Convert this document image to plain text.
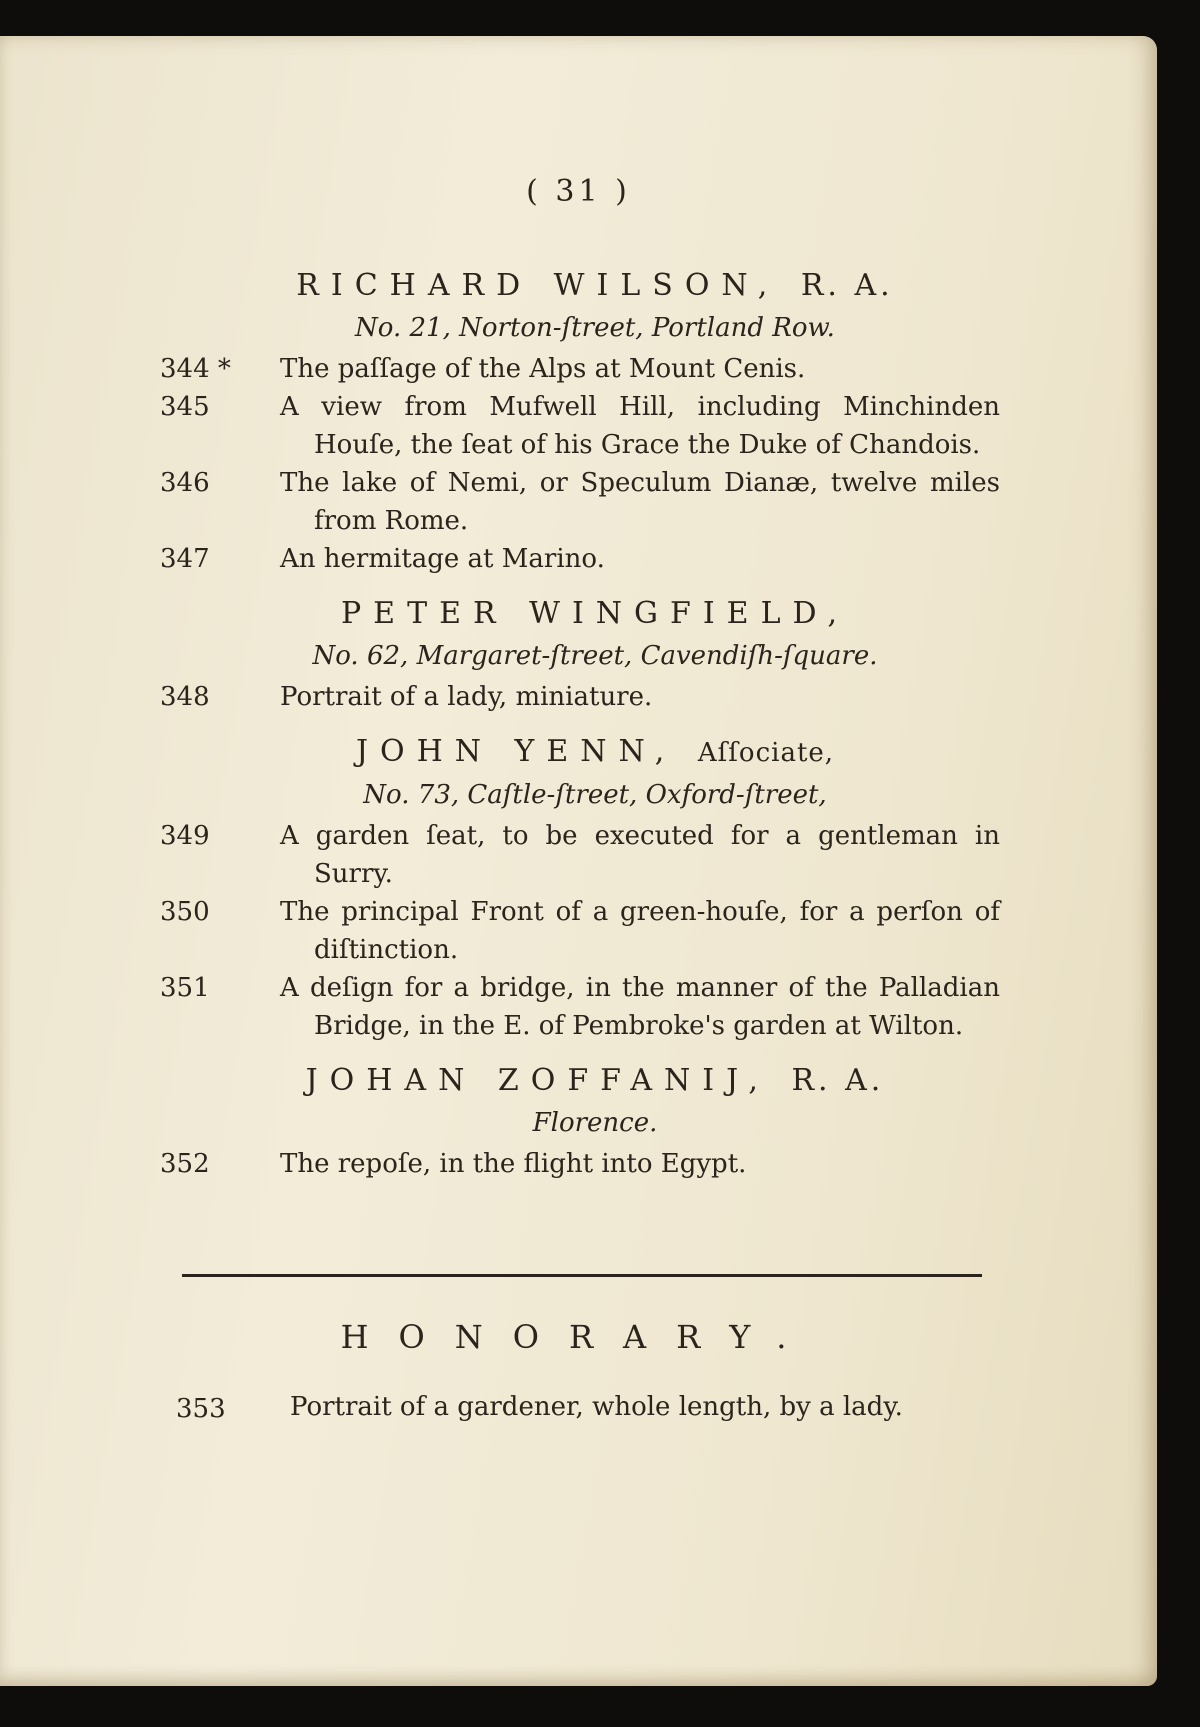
( 31 )
RICHARD WILSON, R. A.
No. 21, Norton-ſtreet, Portland Row.
344 *	The paſſage of the Alps at Mount Cenis.
345	A view from Mufwell Hill, including Minchinden Houſe, the ſeat of his Grace the Duke of Chandois.
346	The lake of Nemi, or Speculum Dianæ, twelve miles from Rome.
347	An hermitage at Marino.
PETER WINGFIELD,
No. 62, Margaret-ſtreet, Cavendiſh-ſquare.
348	Portrait of a lady, miniature.
JOHN YENN, Aſſociate,
No. 73, Caſtle-ſtreet, Oxford-ſtreet,
349	A garden ſeat, to be executed for a gentleman in Surry.
350	The principal Front of a green-houſe, for a perſon of diſtinction.
351	A deſign for a bridge, in the manner of the Palladian Bridge, in the E. of Pembroke's garden at Wilton.
JOHAN ZOFFANIJ, R. A.
Florence.
352	The repoſe, in the flight into Egypt.
HONORARY.
353	Portrait of a gardener, whole length, by a lady.
